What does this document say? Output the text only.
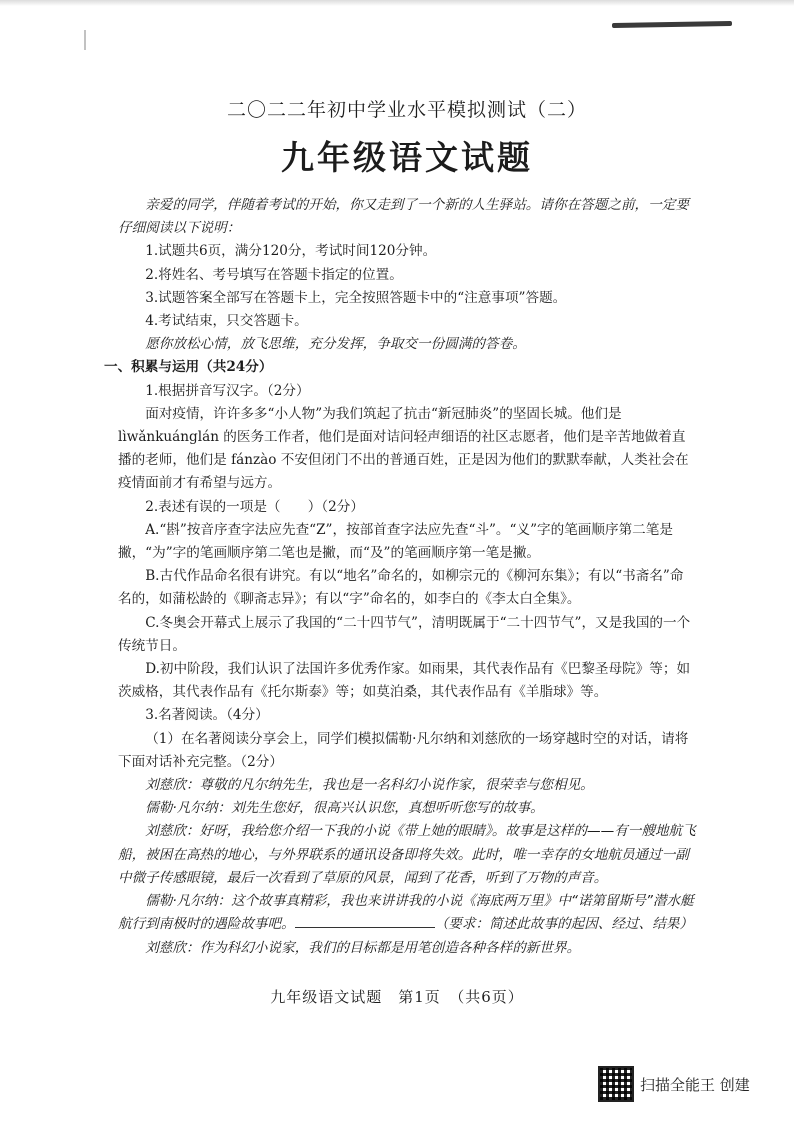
二〇二二年初中学业水平模拟测试（二）
九年级语文试题

亲爱的同学，伴随着考试的开始，你又走到了一个新的人生驿站。请你在答题之前，一定要仔细阅读以下说明：

1.试题共6页，满分120分，考试时间120分钟。

2.将姓名、考号填写在答题卡指定的位置。

3.试题答案全部写在答题卡上，完全按照答题卡中的“注意事项”答题。

4.考试结束，只交答题卡。

愿你放松心情，放飞思维，充分发挥，争取交一份圆满的答卷。

一、积累与运用（共24分）

1.根据拼音写汉字。（2分）

面对疫情，许许多多“小人物”为我们筑起了抗击“新冠肺炎”的坚固长城。他们是 lìwǎnkuánglán 的医务工作者，他们是面对诘问轻声细语的社区志愿者，他们是辛苦地做着直播的老师，他们是 fánzào 不安但闭门不出的普通百姓，正是因为他们的默默奉献，人类社会在疫情面前才有希望与远方。

2.表述有误的一项是（　　）（2分）

A.“斟”按音序查字法应先查“Z”，按部首查字法应先查“斗”。“义”字的笔画顺序第二笔是撇，“为”字的笔画顺序第二笔也是撇，而“及”的笔画顺序第一笔是撇。

B.古代作品命名很有讲究。有以“地名”命名的，如柳宗元的《柳河东集》；有以“书斋名”命名的，如蒲松龄的《聊斋志异》；有以“字”命名的，如李白的《李太白全集》。

C.冬奥会开幕式上展示了我国的“二十四节气”，清明既属于“二十四节气”，又是我国的一个传统节日。

D.初中阶段，我们认识了法国许多优秀作家。如雨果，其代表作品有《巴黎圣母院》等；如茨威格，其代表作品有《托尔斯泰》等；如莫泊桑，其代表作品有《羊脂球》等。

3.名著阅读。（4分）

（1）在名著阅读分享会上，同学们模拟儒勒·凡尔纳和刘慈欣的一场穿越时空的对话，请将下面对话补充完整。（2分）

刘慈欣：尊敬的凡尔纳先生，我也是一名科幻小说作家，很荣幸与您相见。

儒勒·凡尔纳：刘先生您好，很高兴认识您，真想听听您写的故事。

刘慈欣：好呀，我给您介绍一下我的小说《带上她的眼睛》。故事是这样的——有一艘地航飞船，被困在高热的地心，与外界联系的通讯设备即将失效。此时，唯一幸存的女地航员通过一副中微子传感眼镜，最后一次看到了草原的风景，闻到了花香，听到了万物的声音。

儒勒·凡尔纳：这个故事真精彩，我也来讲讲我的小说《海底两万里》中“诺第留斯号”潜水艇航行到南极时的遇险故事吧。	（要求：简述此故事的起因、经过、结果）

刘慈欣：作为科幻小说家，我们的目标都是用笔创造各种各样的新世界。

九年级语文试题　第1页　（共6页）
扫描全能王 创建
